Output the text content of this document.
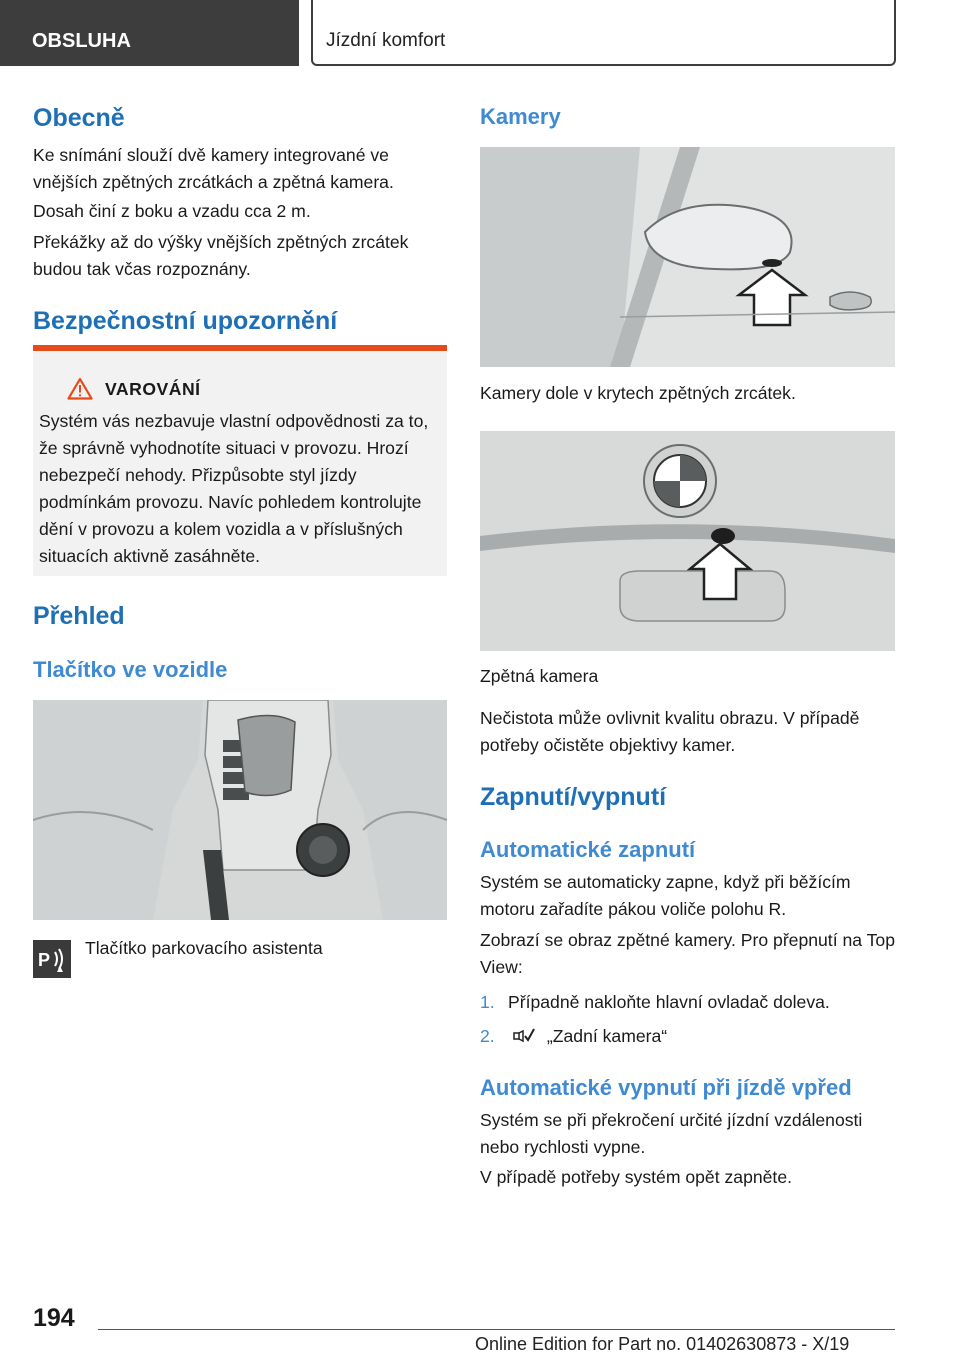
OBSLUHA	Jízdní komfort
Obecně

Ke snímání slouží dvě kamery integrované ve vnějších zpětných zrcátkách a zpětná kamera.

Dosah činí z boku a vzadu cca 2 m.

Překážky až do výšky vnějších zpětných zrcátek budou tak včas rozpoznány.

Bezpečnostní upozornění
VAROVÁNÍ

Systém vás nezbavuje vlastní odpovědnosti za to, že správně vyhodnotíte situaci v provozu. Hrozí nebezpečí nehody. Přizpůsobte styl jízdy podmínkám provozu. Navíc pohledem kontrolujte dění v provozu a kolem vozidla a v příslušných situacích aktivně zasáhněte.

Přehled
Tlačítko ve vozidle
P
Tlačítko parkovacího asistenta
Kamery
Kamery dole v krytech zpětných zrcátek.
Zpětná kamera

Nečistota může ovlivnit kvalitu obrazu. V případě potřeby očistěte objektivy kamer.

Zapnutí/vypnutí
Automatické zapnutí

Systém se automaticky zapne, když při běžícím motoru zařadíte pákou voliče polohu R.

Zobrazí se obraz zpětné kamery. Pro přepnutí na Top View:

1. Případně nakloňte hlavní ovladač doleva.
2.	„Zadní kamera“
Automatické vypnutí při jízdě vpřed

Systém se při překročení určité jízdní vzdálenosti nebo rychlosti vypne.

V případě potřeby systém opět zapněte.

194
Online Edition for Part no. 01402630873 - X/19
